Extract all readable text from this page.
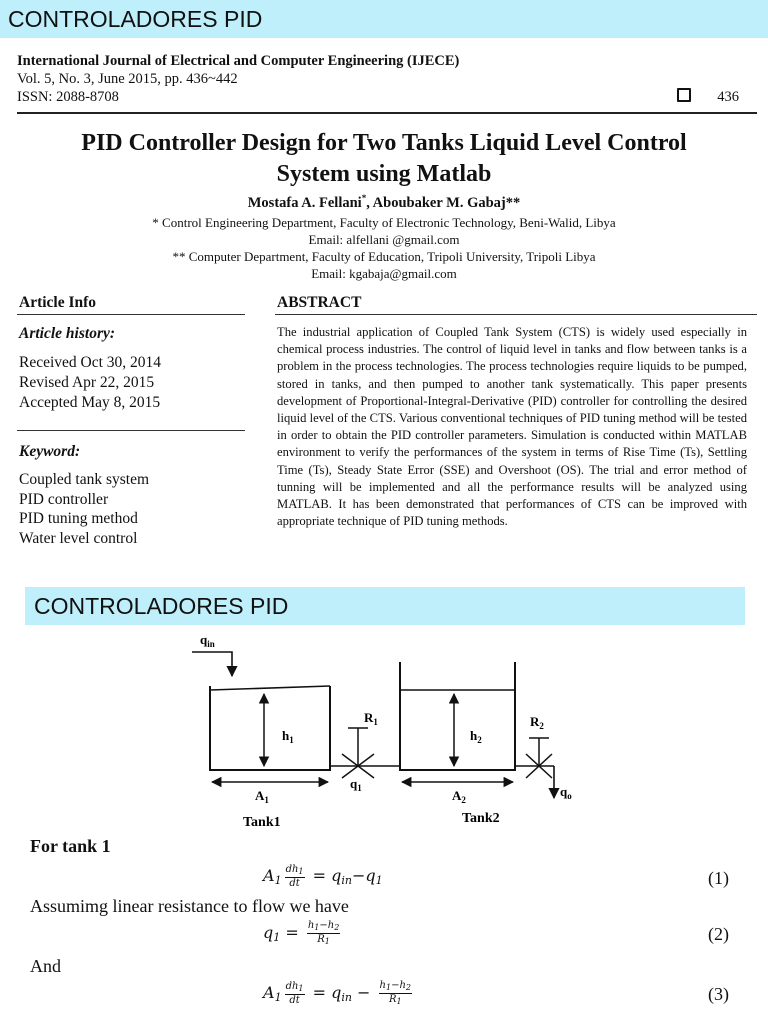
CONTROLADORES PID
International Journal of Electrical and Computer Engineering (IJECE)
Vol. 5, No. 3, June 2015, pp. 436~442
ISSN: 2088-8708	436
PID Controller Design for Two Tanks Liquid Level Control
System using Matlab
Mostafa A. Fellani*, Aboubaker M. Gabaj**
* Control Engineering Department, Faculty of Electronic Technology, Beni-Walid, Libya
Email: alfellani @gmail.com
** Computer Department, Faculty of Education, Tripoli University, Tripoli Libya
Email: kgabaja@gmail.com
Article Info	ABSTRACT
Article history:
Received Oct 30, 2014
Revised Apr 22, 2015
Accepted May 8, 2015
Keyword:
Coupled tank system
PID controller
PID tuning method
Water level control
The industrial application of Coupled Tank System (CTS) is widely used especially in chemical process industries. The control of liquid level in tanks and flow between tanks is a problem in the process technologies. The process technologies require liquids to be pumped, stored in tanks, and then pumped to another tank systematically. This paper presents development of Proportional-Integral-Derivative (PID) controller for controlling the desired liquid level of the CTS. Various conventional techniques of PID tuning method will be tested in order to obtain the PID controller parameters. Simulation is conducted within MATLAB environment to verify the performances of the system in terms of Rise Time (Ts), Settling Time (Ts), Steady State Error (SSE) and Overshoot (OS). The trial and error method of tunning will be implemented and all the performance results will be analyzed using MATLAB. It has been demonstrated that performances of CTS can be improved with appropriate technique of PID tuning methods.
CONTROLADORES PID
$q_{in}$
$h_1$
$R_1$
$q_1$
$h_2$
$R_2$
$q_o$
$A_1$	$A_2$
Tank1	Tank2
For tank 1
$A_1 \frac{dh_1}{dt} = q_{in}-q_1$	(1)
Assumimg linear resistance to flow we have
$q_1 = \frac{h_1-h_2}{R_1}$	(2)
And
$A_1 \frac{dh_1}{dt} = q_{in} - \frac{h_1-h_2}{R_1}$	(3)
